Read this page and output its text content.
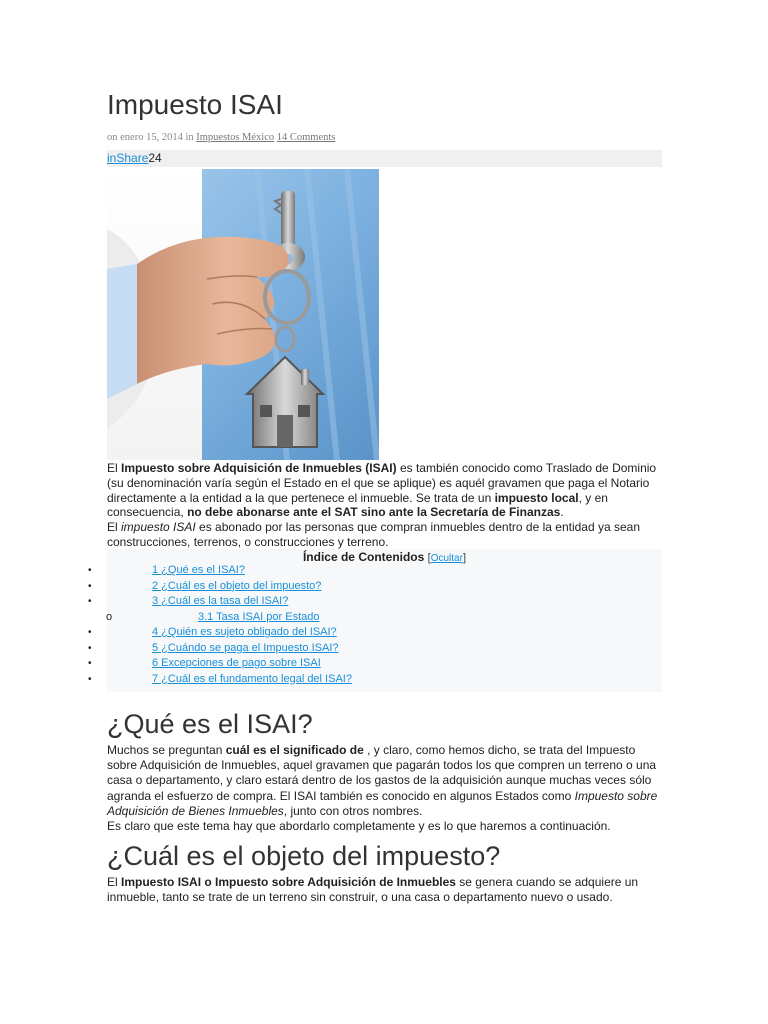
Impuesto ISAI
on enero 15, 2014 in Impuestos México 14 Comments
inShare24

El Impuesto sobre Adquisición de Inmuebles (ISAI) es también conocido como Traslado de Dominio (su denominación varía según el Estado en el que se aplique) es aquél gravamen que paga el Notario directamente a la entidad a la que pertenece el inmueble. Se trata de un impuesto local, y en consecuencia, no debe abonarse ante el SAT sino ante la Secretaría de Finanzas.

El impuesto ISAI es abonado por las personas que compran inmuebles dentro de la entidad ya sean construcciones, terrenos, o construcciones y terreno.

Índice de Contenidos [Ocultar]
•	1 ¿Qué es el ISAI?
•	2 ¿Cuál es el objeto del impuesto?
•	3 ¿Cuál es la tasa del ISAI?
o	3.1 Tasa ISAI por Estado
•	4 ¿Quién es sujeto obligado del ISAI?
•	5 ¿Cuándo se paga el Impuesto ISAI?
•	6 Excepciones de pago sobre ISAI
•	7 ¿Cuál es el fundamento legal del ISAI?
¿Qué es el ISAI?

Muchos se preguntan cuál es el significado de , y claro, como hemos dicho, se trata del Impuesto sobre Adquisición de Inmuebles, aquel gravamen que pagarán todos los que compren un terreno o una casa o departamento, y claro estará dentro de los gastos de la adquisición aunque muchas veces sólo agranda el esfuerzo de compra. El ISAI también es conocido en algunos Estados como Impuesto sobre Adquisición de Bienes Inmuebles, junto con otros nombres.

Es claro que este tema hay que abordarlo completamente y es lo que haremos a continuación.

¿Cuál es el objeto del impuesto?

El Impuesto ISAI o Impuesto sobre Adquisición de Inmuebles se genera cuando se adquiere un inmueble, tanto se trate de un terreno sin construir, o una casa o departamento nuevo o usado.
